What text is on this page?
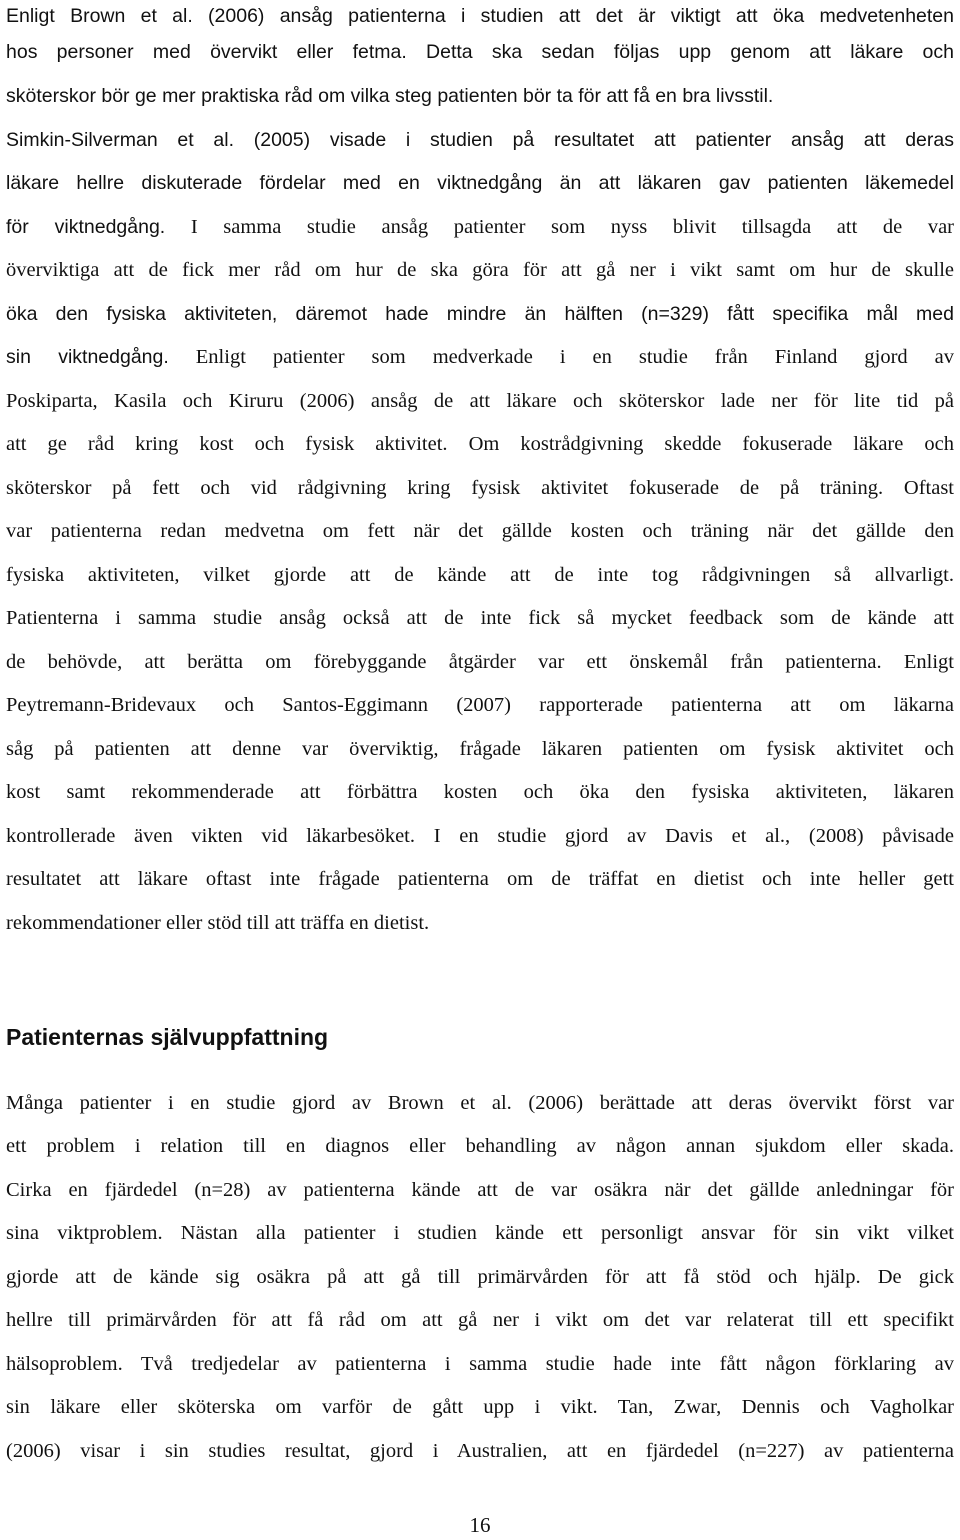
Enligt Brown et al. (2006) ansåg patienterna i studien att det är viktigt att öka medvetenheten
hos personer med övervikt eller fetma. Detta ska sedan följas upp genom att läkare och
sköterskor bör ge mer praktiska råd om vilka steg patienten bör ta för att få en bra livsstil.
Simkin-Silverman et al. (2005) visade i studien på resultatet att patienter ansåg att deras
läkare hellre diskuterade fördelar med en viktnedgång än att läkaren gav patienten läkemedel
för viktnedgång. I samma studie ansåg patienter som nyss blivit tillsagda att de var
överviktiga att de fick mer råd om hur de ska göra för att gå ner i vikt samt om hur de skulle
öka den fysiska aktiviteten, däremot hade mindre än hälften (n=329) fått specifika mål med
sin viktnedgång. Enligt patienter som medverkade i en studie från Finland gjord av
Poskiparta, Kasila och Kiruru (2006) ansåg de att läkare och sköterskor lade ner för lite tid på
att ge råd kring kost och fysisk aktivitet. Om kostrådgivning skedde fokuserade läkare och
sköterskor på fett och vid rådgivning kring fysisk aktivitet fokuserade de på träning. Oftast
var patienterna redan medvetna om fett när det gällde kosten och träning när det gällde den
fysiska aktiviteten, vilket gjorde att de kände att de inte tog rådgivningen så allvarligt.
Patienterna i samma studie ansåg också att de inte fick så mycket feedback som de kände att
de behövde, att berätta om förebyggande åtgärder var ett önskemål från patienterna. Enligt
Peytremann-Bridevaux och Santos-Eggimann (2007) rapporterade patienterna att om läkarna
såg på patienten att denne var överviktig, frågade läkaren patienten om fysisk aktivitet och
kost samt rekommenderade att förbättra kosten och öka den fysiska aktiviteten, läkaren
kontrollerade även vikten vid läkarbesöket. I en studie gjord av Davis et al., (2008) påvisade
resultatet att läkare oftast inte frågade patienterna om de träffat en dietist och inte heller gett
rekommendationer eller stöd till att träffa en dietist.
Patienternas självuppfattning
Många patienter i en studie gjord av Brown et al. (2006) berättade att deras övervikt först var
ett problem i relation till en diagnos eller behandling av någon annan sjukdom eller skada.
Cirka en fjärdedel (n=28) av patienterna kände att de var osäkra när det gällde anledningar för
sina viktproblem. Nästan alla patienter i studien kände ett personligt ansvar för sin vikt vilket
gjorde att de kände sig osäkra på att gå till primärvården för att få stöd och hjälp. De gick
hellre till primärvården för att få råd om att gå ner i vikt om det var relaterat till ett specifikt
hälsoproblem. Två tredjedelar av patienterna i samma studie hade inte fått någon förklaring av
sin läkare eller sköterska om varför de gått upp i vikt. Tan, Zwar, Dennis och Vagholkar
(2006) visar i sin studies resultat, gjord i Australien, att en fjärdedel (n=227) av patienterna
16
